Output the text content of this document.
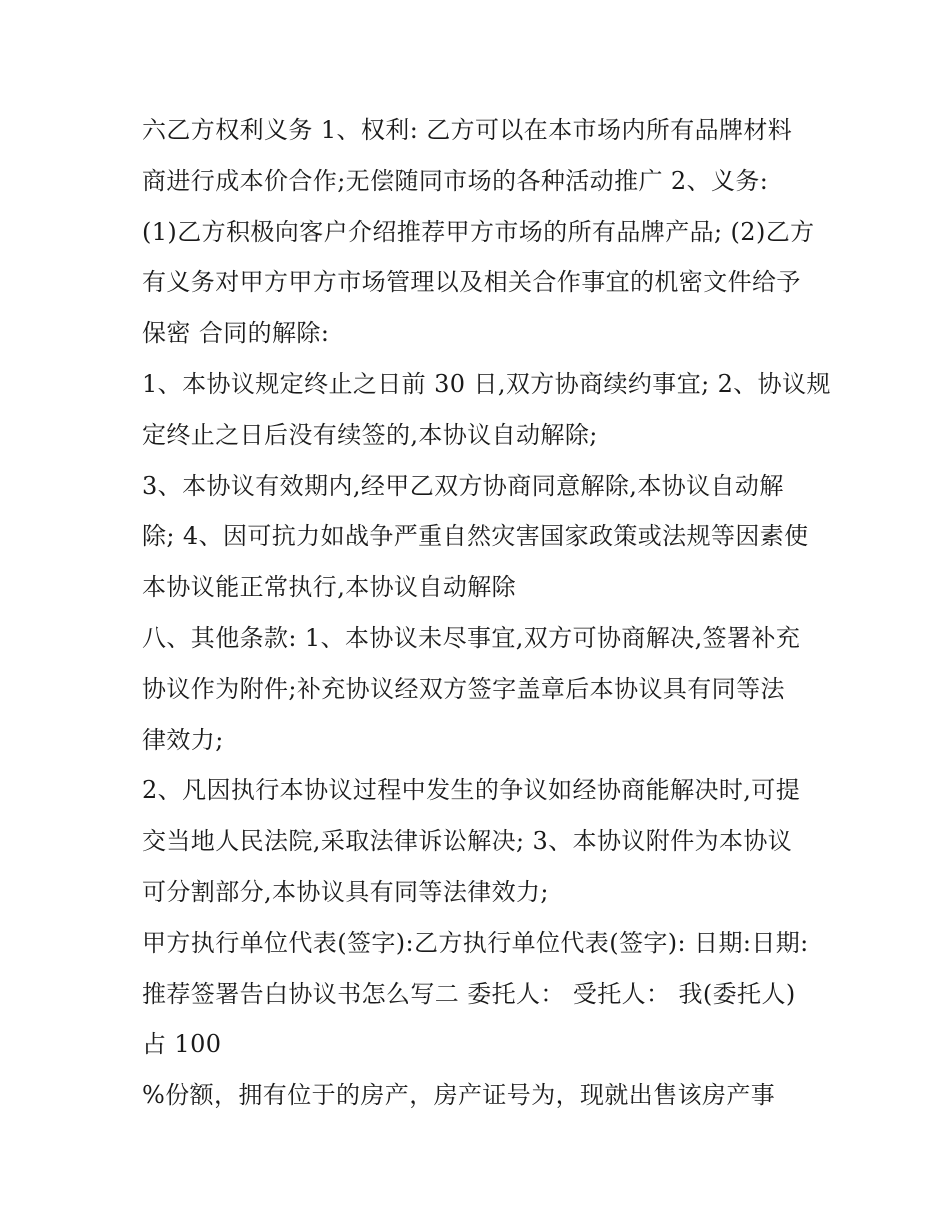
六乙方权利义务 1、权利: 乙方可以在本市场内所有品牌材料
商进行成本价合作;无偿随同市场的各种活动推广 2、义务:
(1)乙方积极向客户介绍推荐甲方市场的所有品牌产品; (2)乙方
有义务对甲方甲方市场管理以及相关合作事宜的机密文件给予
保密 合同的解除:
1、本协议规定终止之日前 30 日,双方协商续约事宜; 2、协议规
定终止之日后没有续签的,本协议自动解除;
3、本协议有效期内,经甲乙双方协商同意解除,本协议自动解
除; 4、因可抗力如战争严重自然灾害国家政策或法规等因素使
本协议能正常执行,本协议自动解除
八、其他条款: 1、本协议未尽事宜,双方可协商解决,签署补充
协议作为附件;补充协议经双方签字盖章后本协议具有同等法
律效力;
2、凡因执行本协议过程中发生的争议如经协商能解决时,可提
交当地人民法院,采取法律诉讼解决; 3、本协议附件为本协议
可分割部分,本协议具有同等法律效力;
甲方执行单位代表(签字):乙方执行单位代表(签字): 日期:日期:
推荐签署告白协议书怎么写二 委托人： 受托人： 我(委托人)
占 100
%份额，拥有位于的房产，房产证号为，现就出售该房产事
